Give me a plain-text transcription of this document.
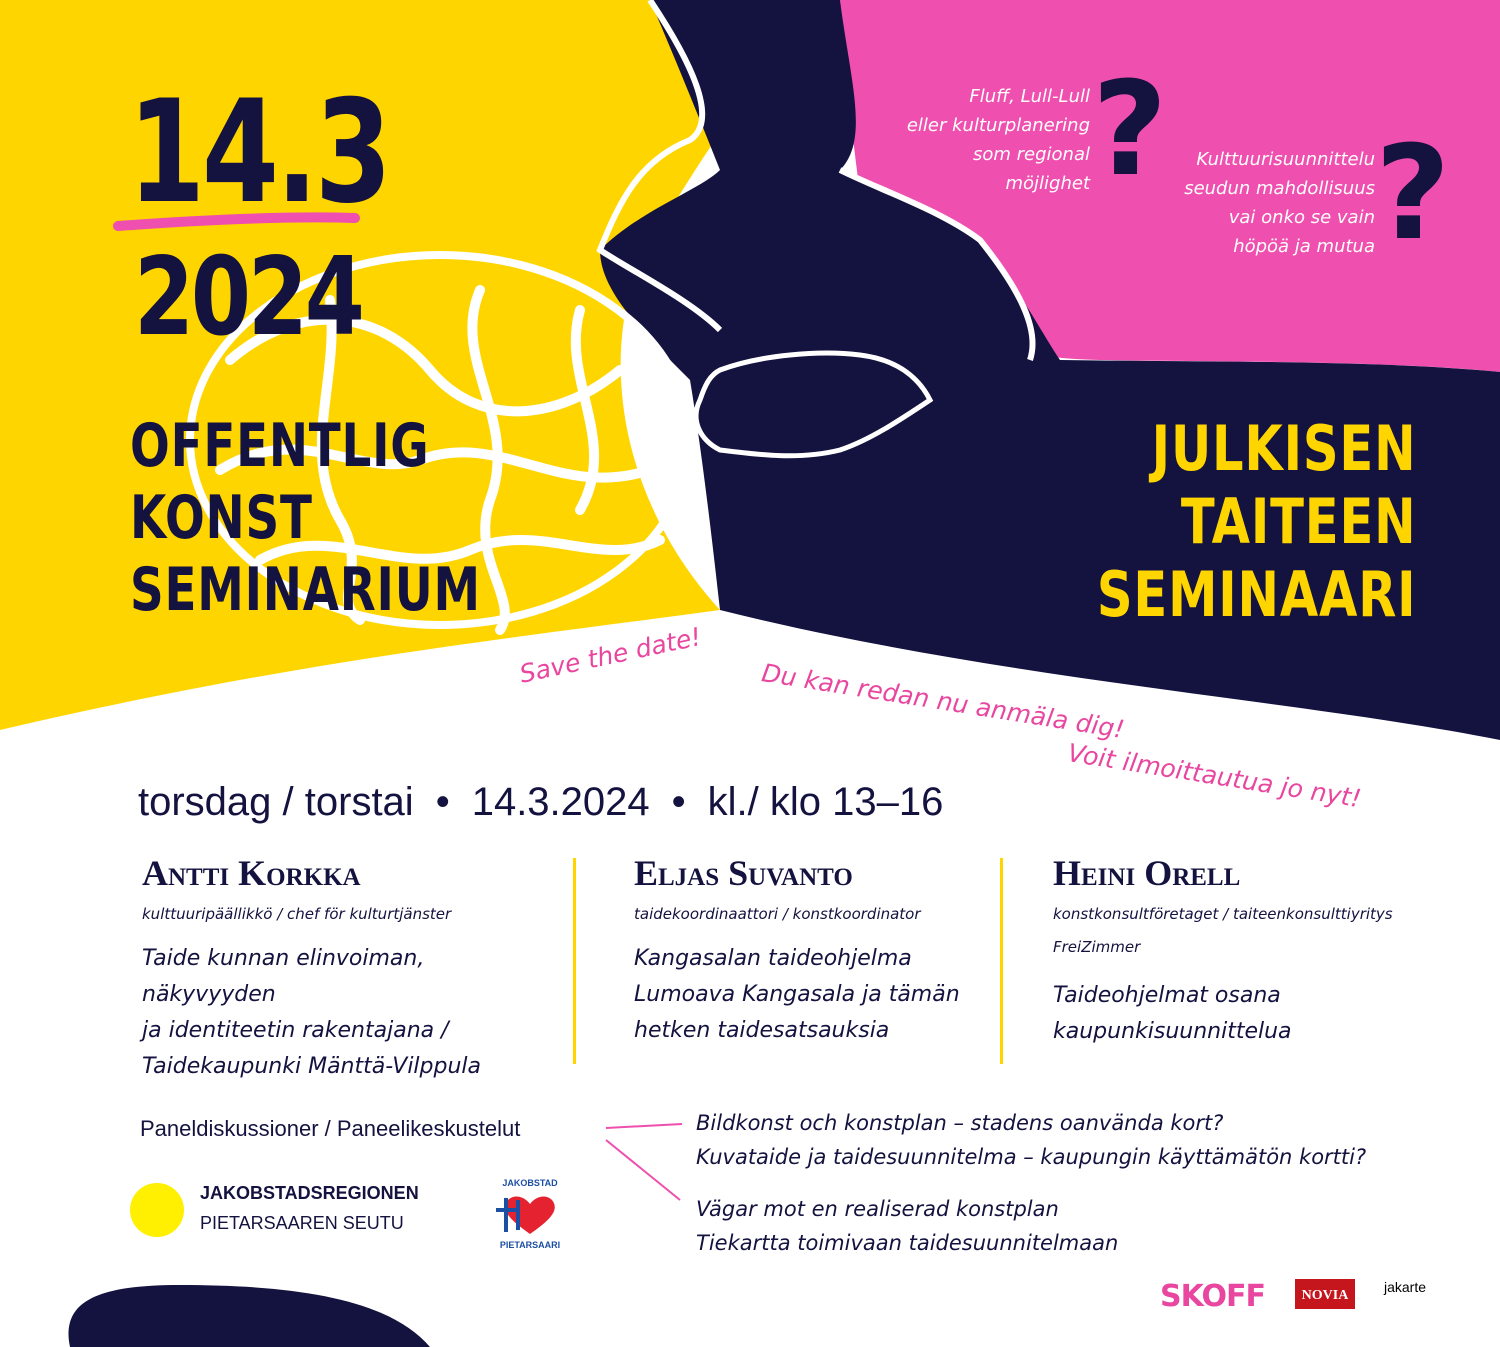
14.3
2024
OFFENTLIG
KONST
SEMINARIUM
JULKISEN
TAITEEN
SEMINAARI
Fluff, Lull-Lull
eller kulturplanering
som regional
möjlighet ?	Kulttuurisuunnittelu
seudun mahdollisuus
vai onko se vain
höpöä ja mutua ?
Save the date!
Du kan redan nu anmäla dig!
Voit ilmoittautua jo nyt!
torsdag / torstai • 14.3.2024 • kl./ klo 13–16
Antti Korkka
kulttuuripäällikkö / chef för kulturtjänster
Taide kunnan elinvoiman, näkyvyyden
ja identiteetin rakentajana /
Taidekaupunki Mänttä-Vilppula
Eljas Suvanto
taidekoordinaattori / konstkoordinator
Kangasalan taideohjelma
Lumoava Kangasala ja tämän
hetken taidesatsauksia
Heini Orell
konstkonsultföretaget / taiteenkonsulttiyritys
FreiZimmer
Taideohjelmat osana
kaupunkisuunnittelua
Paneldiskussioner / Paneelikeskustelut	Bildkonst och konstplan – stadens oanvända kort?
Kuvataide ja taidesuunnitelma – kaupungin käyttämätön kortti?
Vägar mot en realiserad konstplan
Tiekartta toimivaan taidesuunnitelmaan
JAKOBSTADSREGIONEN
PIETARSAAREN SEUTU
JAKOBSTAD
PIETARSAARI
SKOFF	NOVIA
jakarte
